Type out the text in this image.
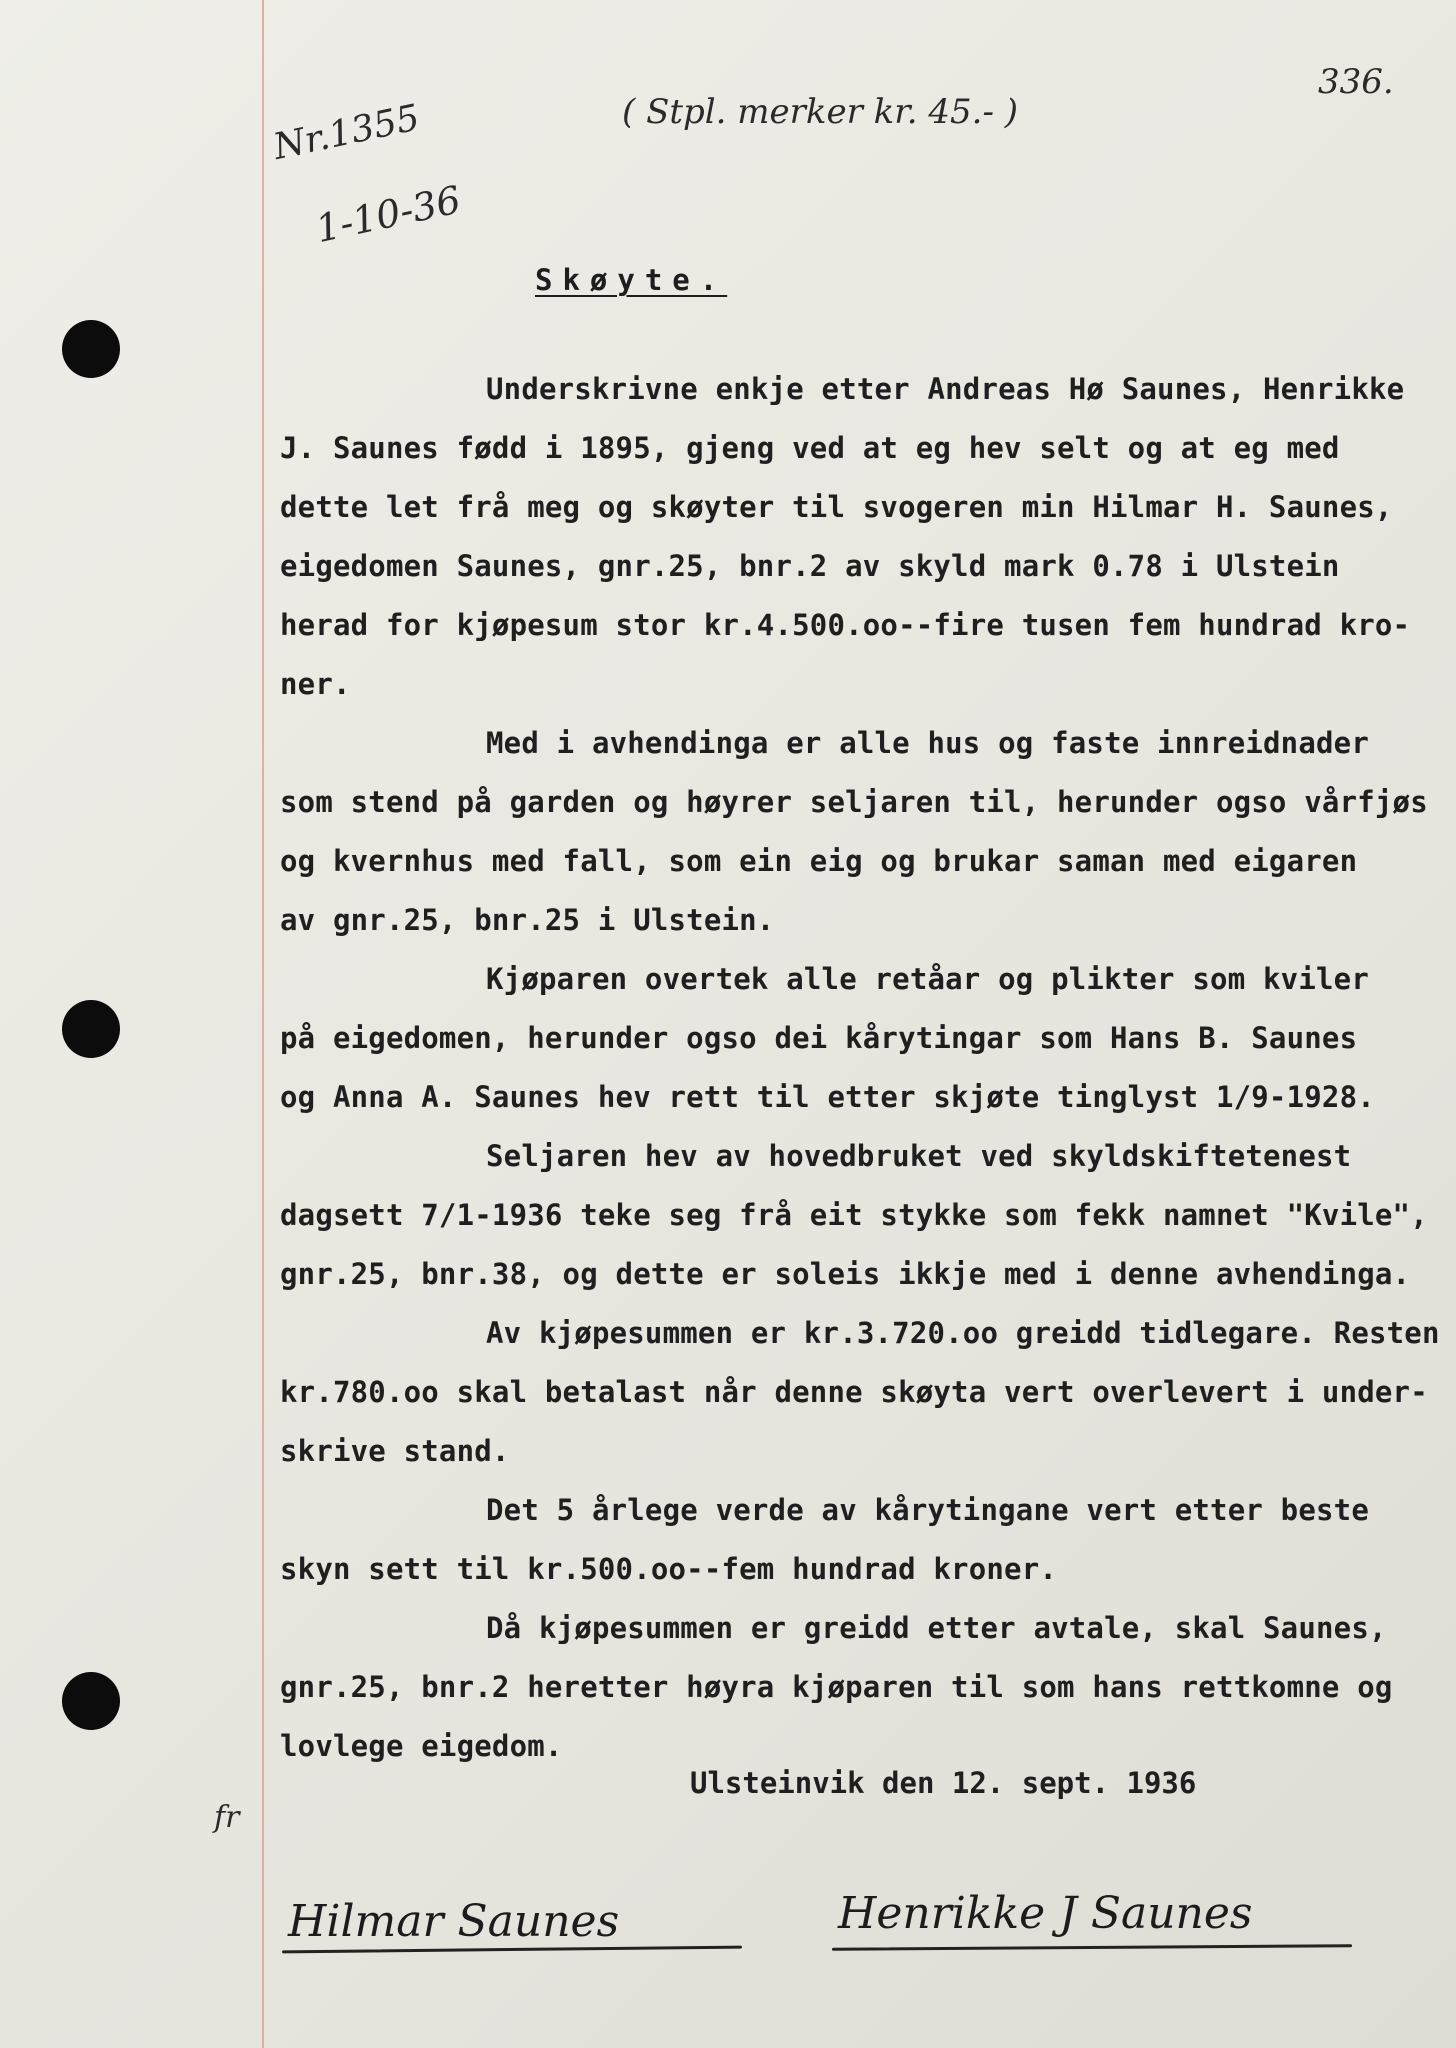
336.
( Stpl. merker kr. 45.- )
Nr.1355
1-10-36
Skøyte.
Underskrivne enkje etter Andreas Hø Saunes, Henrikke
J. Saunes fødd i 1895, gjeng ved at eg hev selt og at eg med
dette let frå meg og skøyter til svogeren min Hilmar H. Saunes,
eigedomen Saunes, gnr.25, bnr.2 av skyld mark 0.78 i Ulstein
herad for kjøpesum stor kr.4.500.oo--fire tusen fem hundrad kro-
ner.
Med i avhendinga er alle hus og faste innreidnader
som stend på garden og høyrer seljaren til, herunder ogso vårfjøs
og kvernhus med fall, som ein eig og brukar saman med eigaren
av gnr.25, bnr.25 i Ulstein.
Kjøparen overtek alle retåar og plikter som kviler
på eigedomen, herunder ogso dei kårytingar som Hans B. Saunes
og Anna A. Saunes hev rett til etter skjøte tinglyst 1/9-1928.
Seljaren hev av hovedbruket ved skyldskiftetenest
dagsett 7/1-1936 teke seg frå eit stykke som fekk namnet "Kvile",
gnr.25, bnr.38, og dette er soleis ikkje med i denne avhendinga.
Av kjøpesummen er kr.3.720.oo greidd tidlegare. Resten
kr.780.oo skal betalast når denne skøyta vert overlevert i under-
skrive stand.
Det 5 årlege verde av kårytingane vert etter beste
skyn sett til kr.500.oo--fem hundrad kroner.
Då kjøpesummen er greidd etter avtale, skal Saunes,
gnr.25, bnr.2 heretter høyra kjøparen til som hans rettkomne og
lovlege eigedom.
Ulsteinvik den 12. sept. 1936
fr
Hilmar Saunes	Henrikke J Saunes
